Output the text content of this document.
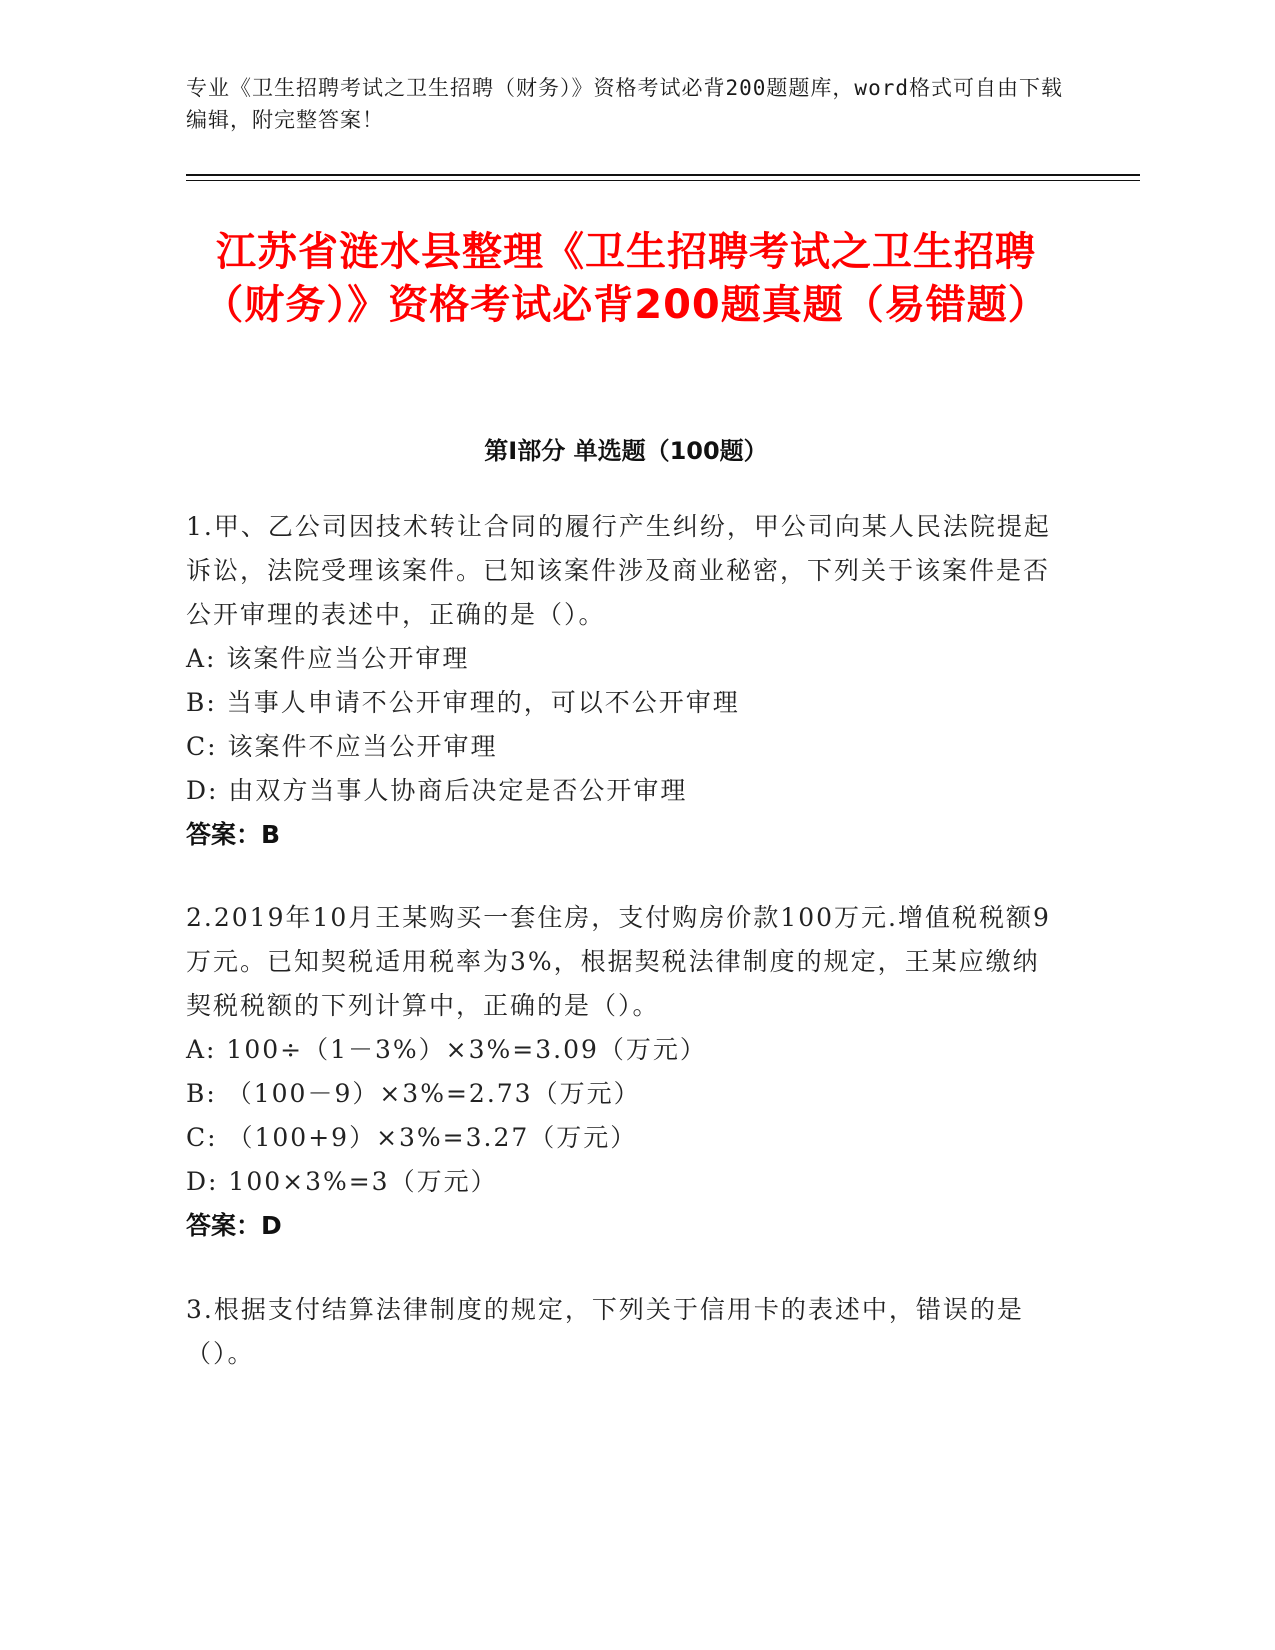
专业《卫生招聘考试之卫生招聘（财务）》资格考试必背200题题库，word格式可自由下载编辑，附完整答案！
江苏省涟水县整理《卫生招聘考试之卫生招聘（财务）》资格考试必背200题真题（易错题）
第I部分 单选题（100题）
1.甲、乙公司因技术转让合同的履行产生纠纷，甲公司向某人民法院提起诉讼，法院受理该案件。已知该案件涉及商业秘密，下列关于该案件是否公开审理的表述中，正确的是（）。
A: 该案件应当公开审理
B: 当事人申请不公开审理的，可以不公开审理
C: 该案件不应当公开审理
D: 由双方当事人协商后决定是否公开审理
答案：B
2.2019年10月王某购买一套住房，支付购房价款100万元.增值税税额9万元。已知契税适用税率为3%，根据契税法律制度的规定，王某应缴纳契税税额的下列计算中，正确的是（）。
A: 100÷（1－3%）×3%=3.09（万元）
B: （100－9）×3%=2.73（万元）
C: （100+9）×3%=3.27（万元）
D: 100×3%=3（万元）
答案：D
3.根据支付结算法律制度的规定，下列关于信用卡的表述中，错误的是（）。
